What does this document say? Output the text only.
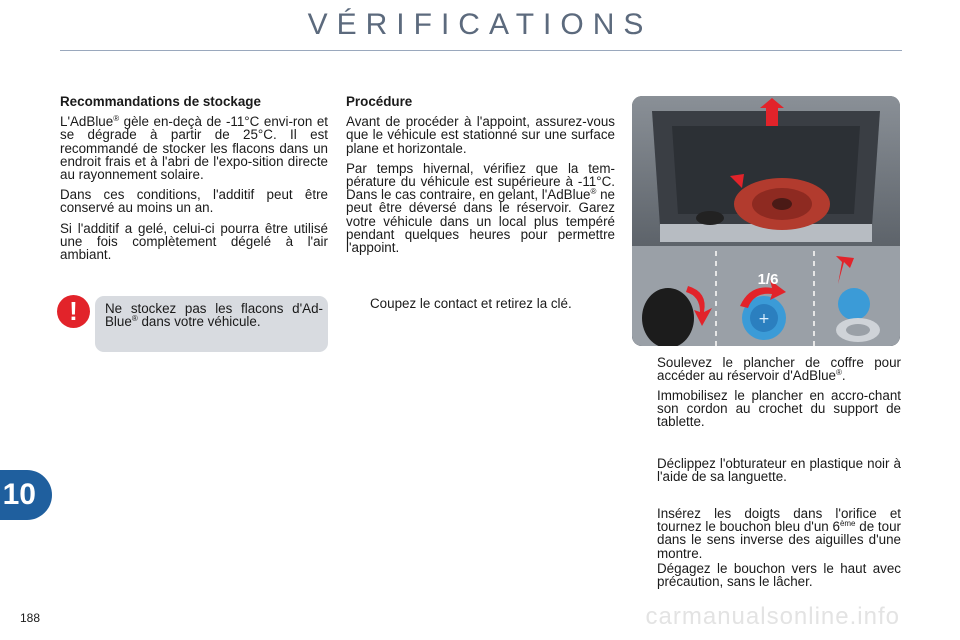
VÉRIFICATIONS
Recommandations de stockage

L'AdBlue® gèle en-deçà de -11°C envi-ron et se dégrade à partir de 25°C. Il est recommandé de stocker les flacons dans un endroit frais et à l'abri de l'expo-sition directe au rayonnement solaire.

Dans ces conditions, l'additif peut être conservé au moins un an.

Si l'additif a gelé, celui-ci pourra être utilisé une fois complètement dégelé à l'air ambiant.

!	Ne stockez pas les flacons d'Ad-Blue® dans votre véhicule.
Procédure

Avant de procéder à l'appoint, assurez-vous que le véhicule est stationné sur une surface plane et horizontale.

Par temps hivernal, vérifiez que la tem-pérature du véhicule est supérieure à -11°C. Dans le cas contraire, en gelant, l'AdBlue® ne peut être déversé dans le réservoir. Garez votre véhicule dans un local plus tempéré pendant quelques heures pour permettre l'appoint.

Coupez le contact et retirez la clé.
+
1/6
Soulevez le plancher de coffre pour accéder au réservoir d'AdBlue®.
Immobilisez le plancher en accro-chant son cordon au crochet du support de tablette.
Déclippez l'obturateur en plastique noir à l'aide de sa languette.
Insérez les doigts dans l'orifice et tournez le bouchon bleu d'un 6ème de tour dans le sens inverse des aiguilles d'une montre.
Dégagez le bouchon vers le haut avec précaution, sans le lâcher.
10
188	carmanualsonline.info
